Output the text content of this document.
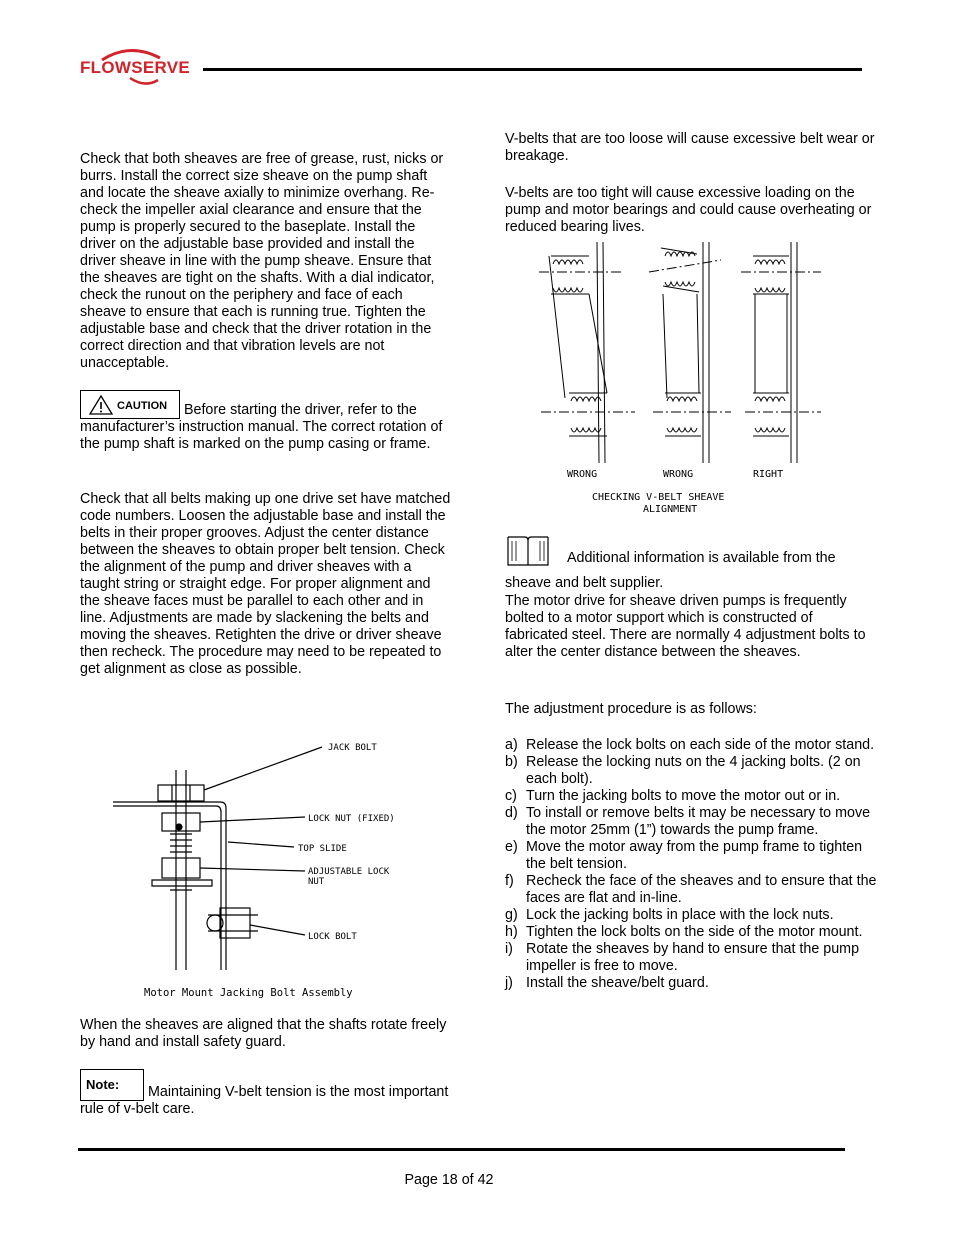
FLOWSERVE

Check that both sheaves are free of grease, rust, nicks or burrs. Install the correct size sheave on the pump shaft and locate the sheave axially to minimize overhang. Re-check the impeller axial clearance and ensure that the pump is properly secured to the baseplate. Install the driver on the adjustable base provided and install the driver sheave in line with the pump sheave. Ensure that the sheaves are tight on the shafts. With a dial indicator, check the runout on the periphery and face of each sheave to ensure that each is running true. Tighten the adjustable base and check that the driver rotation in the correct direction and that vibration levels are not unacceptable.

CAUTION Before starting the driver, refer to the manufacturer’s instruction manual. The correct rotation of the pump shaft is marked on the pump casing or frame.

Check that all belts making up one drive set have matched code numbers. Loosen the adjustable base and install the belts in their proper grooves. Adjust the center distance between the sheaves to obtain proper belt tension. Check the alignment of the pump and driver sheaves with a taught string or straight edge. For proper alignment and the sheave faces must be parallel to each other and in line. Adjustments are made by slackening the belts and moving the sheaves. Retighten the drive or driver sheave then recheck. The procedure may need to be repeated to get alignment as close as possible.

JACK BOLT
LOCK NUT (FIXED)
TOP SLIDE
ADJUSTABLE LOCK
NUT
LOCK BOLT
Motor Mount Jacking Bolt Assembly

When the sheaves are aligned that the shafts rotate freely by hand and install safety guard.

Note: Maintaining V-belt tension is the most important rule of v-belt care.

V-belts that are too loose will cause excessive belt wear or breakage.

V-belts are too tight will cause excessive loading on the pump and motor bearings and could cause overheating or reduced bearing lives.

WRONG	WRONG	RIGHT
CHECKING V-BELT SHEAVE
ALIGNMENT
Additional information is available from the

sheave and belt supplier.

The motor drive for sheave driven pumps is frequently bolted to a motor support which is constructed of fabricated steel. There are normally 4 adjustment bolts to alter the center distance between the sheaves.

The adjustment procedure is as follows:

a) Release the lock bolts on each side of the motor stand.
b) Release the locking nuts on the 4 jacking bolts. (2 on each bolt).
c) Turn the jacking bolts to move the motor out or in.
d) To install or remove belts it may be necessary to move the motor 25mm (1”) towards the pump frame.
e) Move the motor away from the pump frame to tighten the belt tension.
f) Recheck the face of the sheaves and to ensure that the faces are flat and in-line.
g) Lock the jacking bolts in place with the lock nuts.
h) Tighten the lock bolts on the side of the motor mount.
i) Rotate the sheaves by hand to ensure that the pump impeller is free to move.
j) Install the sheave/belt guard.
Page 18 of 42
